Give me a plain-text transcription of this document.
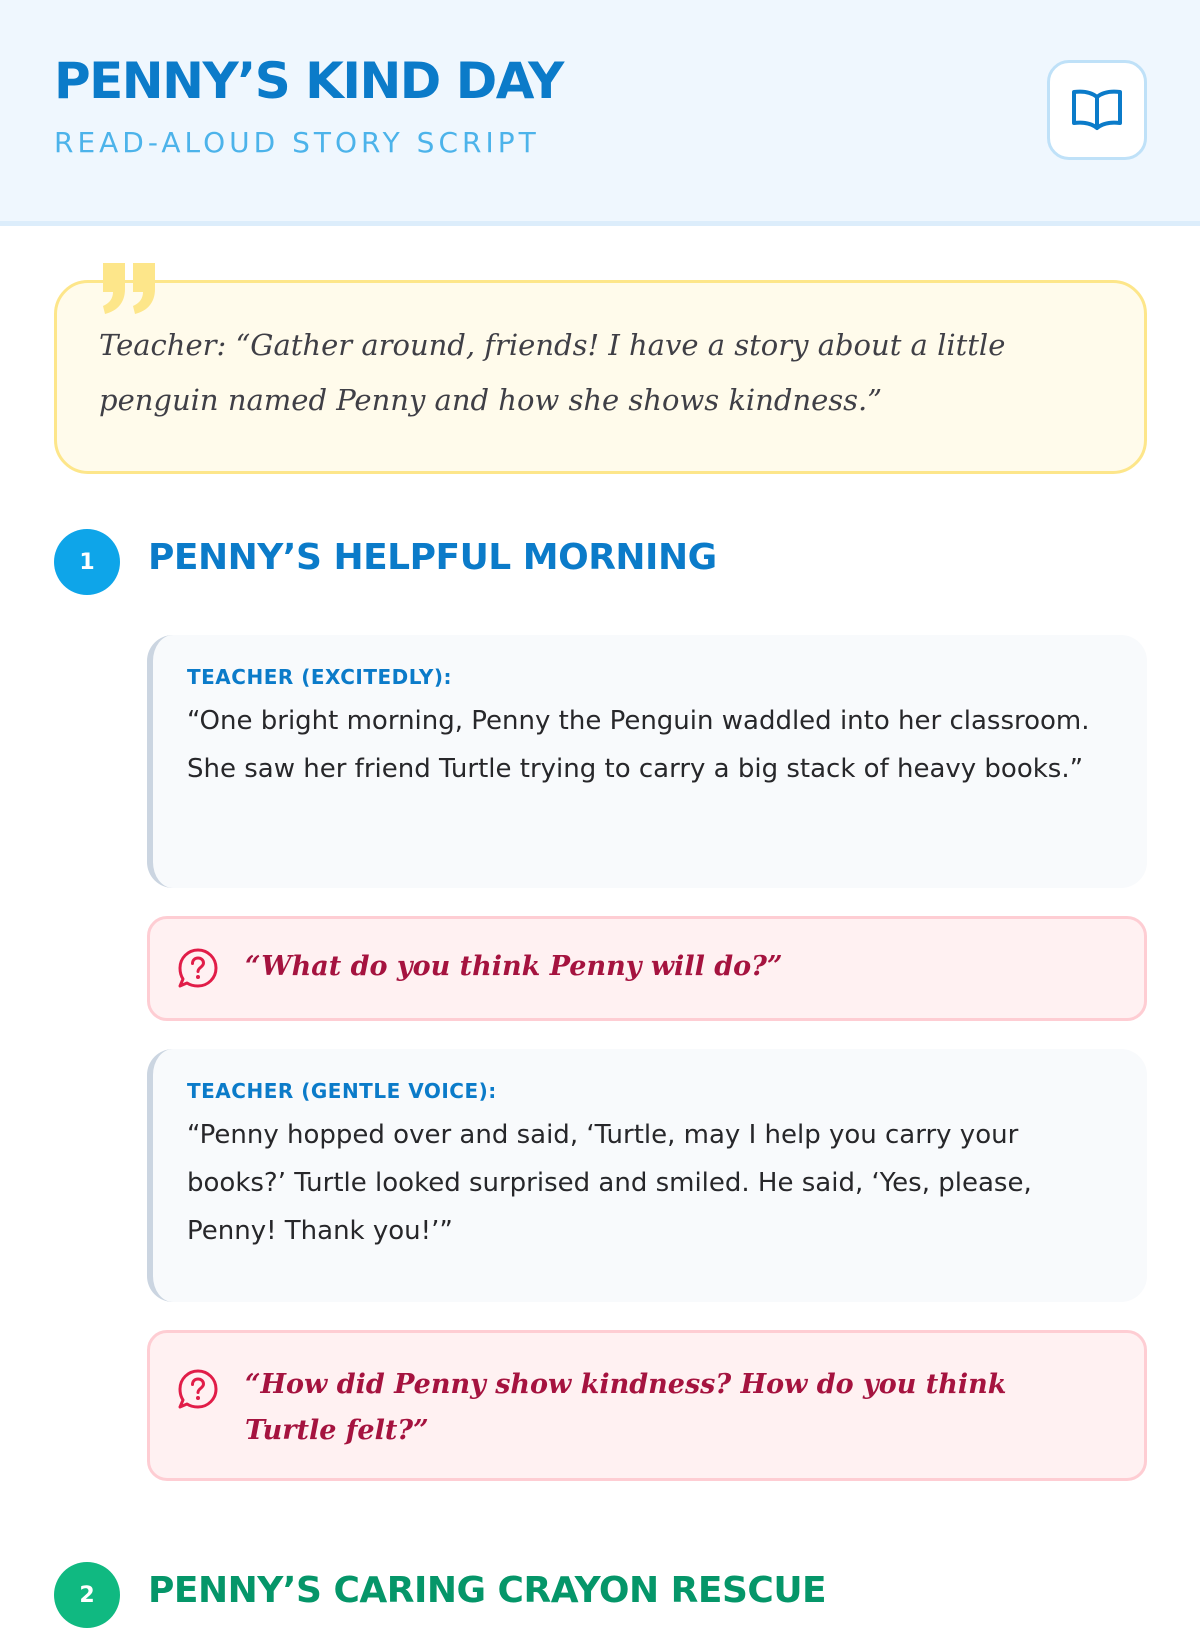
PENNY’S KIND DAY
READ-ALOUD STORY SCRIPT
Teacher: “Gather around, friends! I have a story about a little penguin named Penny and how she shows kindness.”
1	PENNY’S HELPFUL MORNING
TEACHER (EXCITEDLY):
“One bright morning, Penny the Penguin waddled into her classroom. She saw her friend Turtle trying to carry a big stack of heavy books.”
“What do you think Penny will do?”
TEACHER (GENTLE VOICE):
“Penny hopped over and said, ‘Turtle, may I help you carry your books?’ Turtle looked surprised and smiled. He said, ‘Yes, please, Penny! Thank you!’”
“How did Penny show kindness? How do you think Turtle felt?”
2	PENNY’S CARING CRAYON RESCUE
